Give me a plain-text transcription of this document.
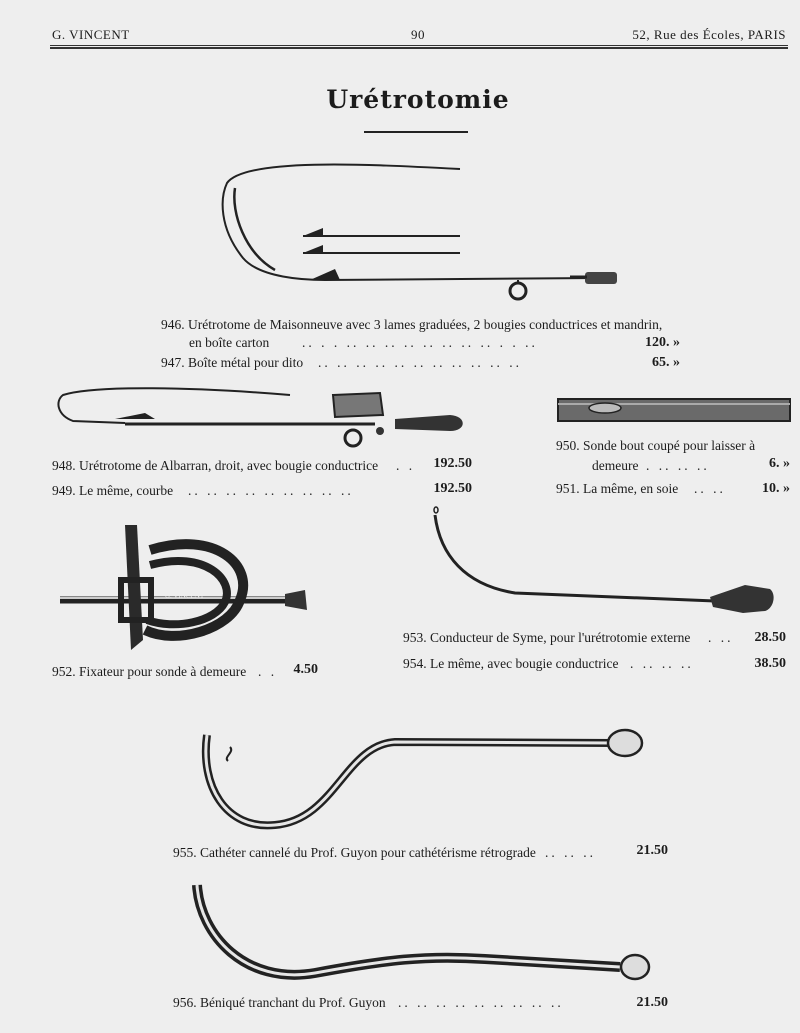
G. VINCENT	90	52, Rue des Écoles, PARIS
Urétrotomie
946. Urétrotome de Maisonneuve avec 3 lames graduées, 2 bougies conductrices et mandrin,
en boîte carton .. . . .. .. .. .. .. .. .. .. . . ..	120. »
947. Boîte métal pour dito .. .. .. .. .. .. .. .. .. .. ..	65. »
948. Urétrotome de Albarran, droit, avec bougie conductrice . .	192.50
949. Le même, courbe .. .. .. .. .. .. .. .. ..	192.50
950. Sonde bout coupé pour laisser à
demeure . .. .. ..	6. »
951. La même, en soie .. ..	10. »
G. VINCENT
952. Fixateur pour sonde à demeure . .	4.50
953. Conducteur de Syme, pour l'urétrotomie externe . ..	28.50
954. Le même, avec bougie conductrice . .. .. ..	38.50
955. Cathéter cannelé du Prof. Guyon pour cathétérisme rétrograde .. .. ..	21.50
956. Béniqué tranchant du Prof. Guyon .. .. .. .. .. .. .. .. ..	21.50
